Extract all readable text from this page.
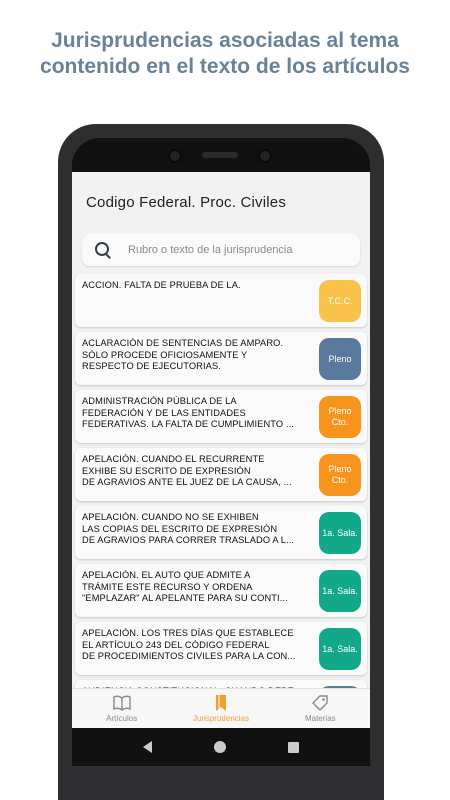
Jurisprudencias asociadas al tema
contenido en el texto de los artículos
Codigo Federal. Proc. Civiles
Rubro o texto de la jurisprudencia
ACCION. FALTA DE PRUEBA DE LA.
T.C.C.
ACLARACIÓN DE SENTENCIAS DE AMPARO.
SÓLO PROCEDE OFICIOSAMENTE Y
RESPECTO DE EJECUTORIAS.
Pleno
ADMINISTRACIÓN PÚBLICA DE LA
FEDERACIÓN Y DE LAS ENTIDADES
FEDERATIVAS. LA FALTA DE CUMPLIMIENTO ...
Pleno
Cto.
APELACIÓN. CUANDO EL RECURRENTE
EXHIBE SU ESCRITO DE EXPRESIÓN
DE AGRAVIOS ANTE EL JUEZ DE LA CAUSA, ...
Pleno
Cto.
APELACIÓN. CUANDO NO SE EXHIBEN
LAS COPIAS DEL ESCRITO DE EXPRESIÓN
DE AGRAVIOS PARA CORRER TRASLADO A L...
1a. Sala.
APELACIÓN. EL AUTO QUE ADMITE A
TRÁMITE ESTE RECURSO Y ORDENA
"EMPLAZAR" AL APELANTE PARA SU CONTI...
1a. Sala.
APELACIÓN. LOS TRES DÍAS QUE ESTABLECE
EL ARTÍCULO 243 DEL CÓDIGO FEDERAL
DE PROCEDIMIENTOS CIVILES PARA LA CON...
1a. Sala.
Artículos	Jurisprudencias	Materias
